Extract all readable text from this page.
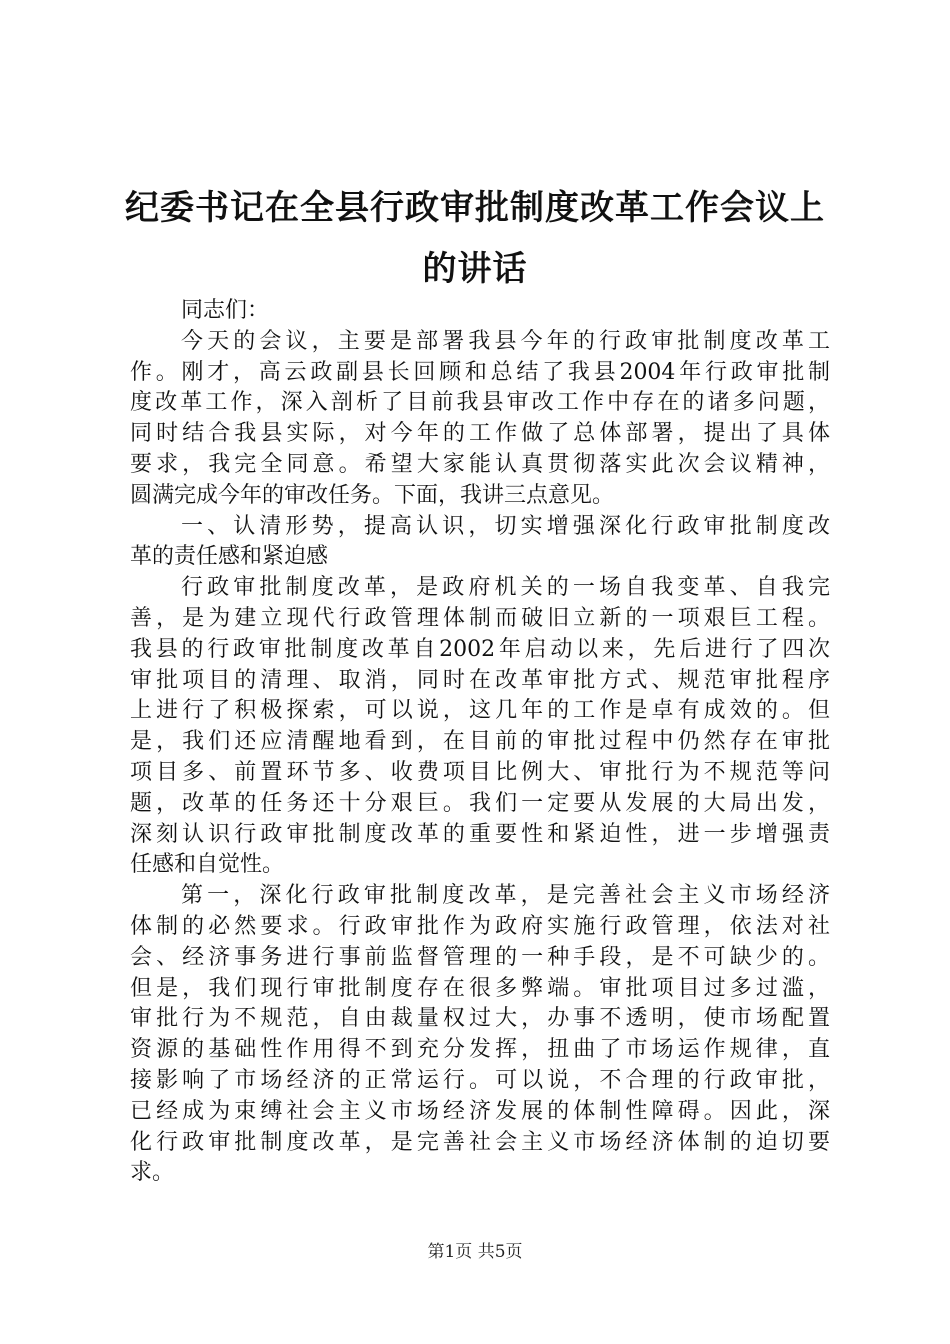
纪委书记在全县行政审批制度改革工作会议上
的讲话

同志们：

今天的会议，主要是部署我县今年的行政审批制度改革工
作。刚才，高云政副县长回顾和总结了我县2004年行政审批制
度改革工作，深入剖析了目前我县审改工作中存在的诸多问题，
同时结合我县实际，对今年的工作做了总体部署，提出了具体
要求，我完全同意。希望大家能认真贯彻落实此次会议精神，
圆满完成今年的审改任务。下面，我讲三点意见。

一、认清形势，提高认识，切实增强深化行政审批制度改
革的责任感和紧迫感

行政审批制度改革，是政府机关的一场自我变革、自我完
善，是为建立现代行政管理体制而破旧立新的一项艰巨工程。
我县的行政审批制度改革自2002年启动以来，先后进行了四次
审批项目的清理、取消，同时在改革审批方式、规范审批程序
上进行了积极探索，可以说，这几年的工作是卓有成效的。但
是，我们还应清醒地看到，在目前的审批过程中仍然存在审批
项目多、前置环节多、收费项目比例大、审批行为不规范等问
题，改革的任务还十分艰巨。我们一定要从发展的大局出发，
深刻认识行政审批制度改革的重要性和紧迫性，进一步增强责
任感和自觉性。

第一，深化行政审批制度改革，是完善社会主义市场经济
体制的必然要求。行政审批作为政府实施行政管理，依法对社
会、经济事务进行事前监督管理的一种手段，是不可缺少的。
但是，我们现行审批制度存在很多弊端。审批项目过多过滥，
审批行为不规范，自由裁量权过大，办事不透明，使市场配置
资源的基础性作用得不到充分发挥，扭曲了市场运作规律，直
接影响了市场经济的正常运行。可以说，不合理的行政审批，
已经成为束缚社会主义市场经济发展的体制性障碍。因此，深
化行政审批制度改革，是完善社会主义市场经济体制的迫切要
求。

第1页 共5页
